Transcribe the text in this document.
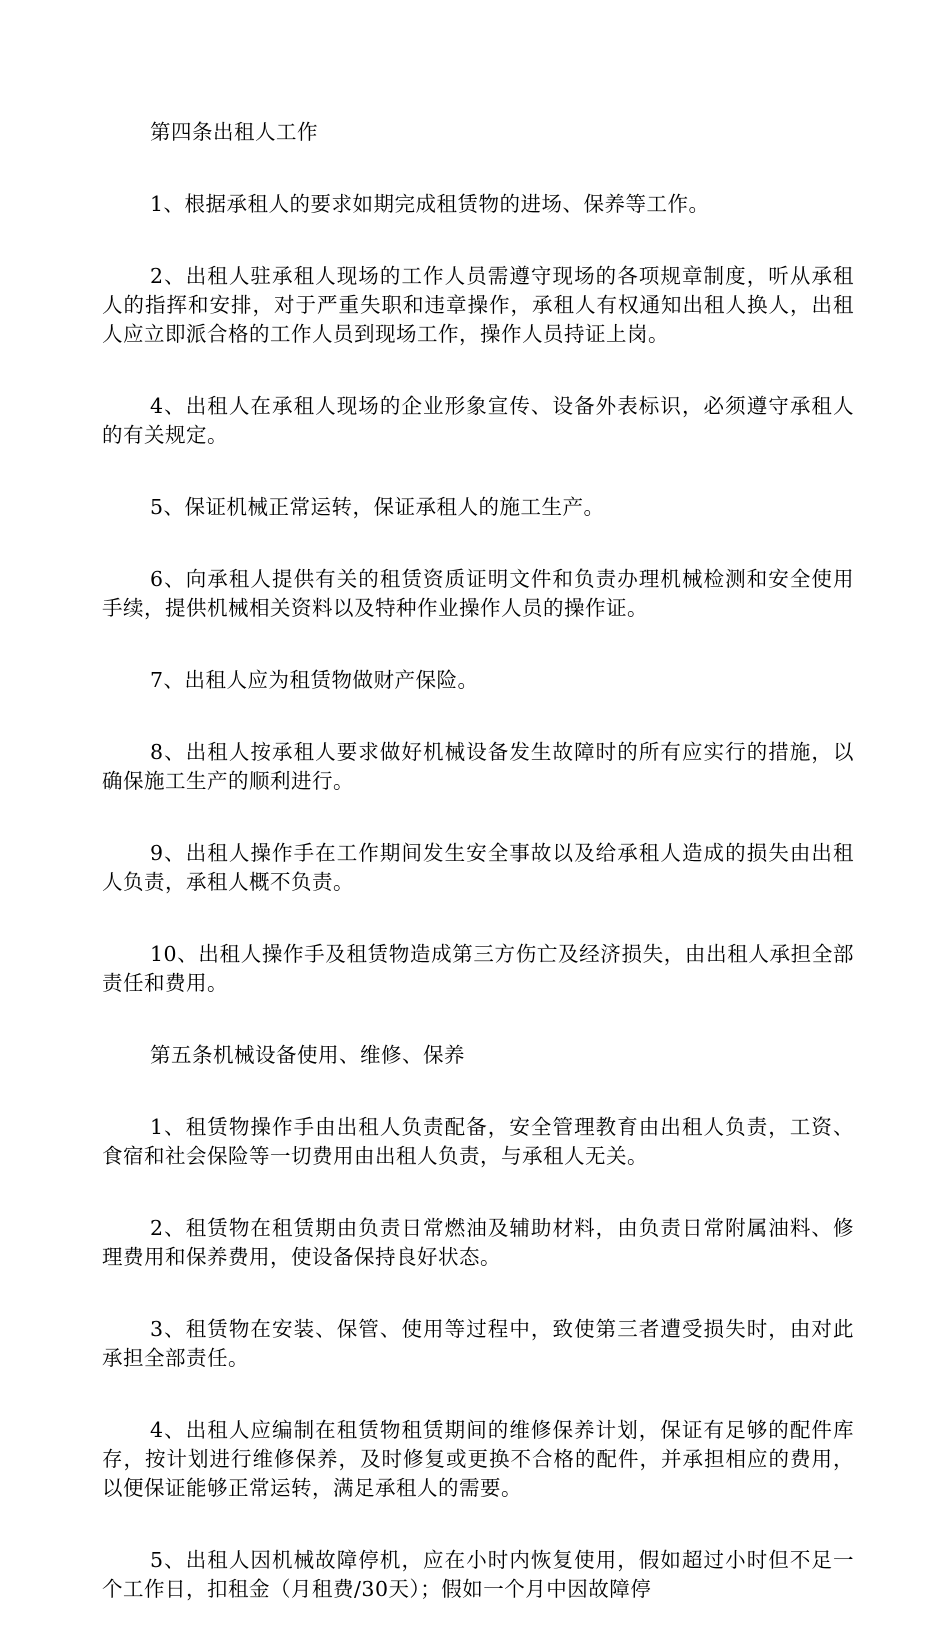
第四条出租人工作

1、根据承租人的要求如期完成租赁物的进场、保养等工作。

2、出租人驻承租人现场的工作人员需遵守现场的各项规章制度，听从承租人的指挥和安排，对于严重失职和违章操作，承租人有权通知出租人换人，出租人应立即派合格的工作人员到现场工作，操作人员持证上岗。

4、出租人在承租人现场的企业形象宣传、设备外表标识，必须遵守承租人的有关规定。

5、保证机械正常运转，保证承租人的施工生产。

6、向承租人提供有关的租赁资质证明文件和负责办理机械检测和安全使用手续，提供机械相关资料以及特种作业操作人员的操作证。

7、出租人应为租赁物做财产保险。

8、出租人按承租人要求做好机械设备发生故障时的所有应实行的措施，以确保施工生产的顺利进行。

9、出租人操作手在工作期间发生安全事故以及给承租人造成的损失由出租人负责，承租人概不负责。

10、出租人操作手及租赁物造成第三方伤亡及经济损失，由出租人承担全部责任和费用。

第五条机械设备使用、维修、保养

1、租赁物操作手由出租人负责配备，安全管理教育由出租人负责，工资、食宿和社会保险等一切费用由出租人负责，与承租人无关。

2、租赁物在租赁期由负责日常燃油及辅助材料，由负责日常附属油料、修理费用和保养费用，使设备保持良好状态。

3、租赁物在安装、保管、使用等过程中，致使第三者遭受损失时，由对此承担全部责任。

4、出租人应编制在租赁物租赁期间的维修保养计划，保证有足够的配件库存，按计划进行维修保养，及时修复或更换不合格的配件，并承担相应的费用，以便保证能够正常运转，满足承租人的需要。

5、出租人因机械故障停机，应在小时内恢复使用，假如超过小时但不足一个工作日，扣租金（月租费/30天）；假如一个月中因故障停
